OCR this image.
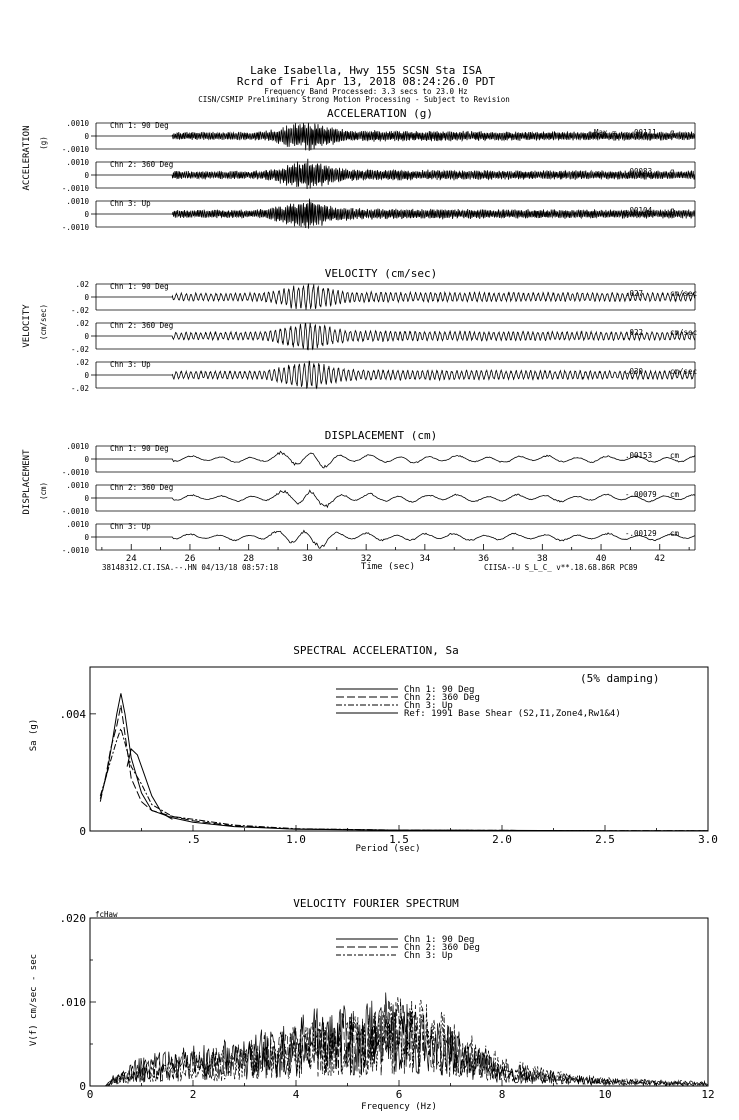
Lake Isabella, Hwy 155 SCSN Sta ISA
Rcrd of Fri Apr 13, 2018 08:24:26.0 PDT
Frequency Band Processed: 3.3 secs to 23.0 Hz
CISN/CSMIP Preliminary Strong Motion Processing - Subject to Revision
ACCELERATION (g)
VELOCITY (cm/sec)
DISPLACEMENT (cm)
ACCELERATION (g)
VELOCITY (cm/sec)
DISPLACEMENT (cm)
.0010
0
-.0010
Chn 1: 90 Deg
Max = -.00111 g
.0010
0
-.0010
Chn 2: 360 Deg
.00083 g
.0010
0
-.0010
Chn 3: Up
.00104 g
.02
0
-.02
Chn 1: 90 Deg
.027	cm/sec
.02
0
-.02
Chn 2: 360 Deg
.022	cm/sec
.02
0
-.02
Chn 3: Up
.030	cm/sec
.0010
0
-.0010
Chn 1: 90 Deg
.00153 cm
.0010
0
-.0010
Chn 2: 360 Deg
-.00079 cm
.0010
0
-.0010
Chn 3: Up
-.00129 cm
24	26	28	30	32	34	36	38	40	42
Time (sec)
38148312.CI.ISA.--.HN 04/13/18 08:57:18	CIISA--U S_L_C_ v**.18.68.86R PC89
SPECTRAL ACCELERATION, Sa
(5% damping)
Sa (g)
Period (sec)
.5	1.0	1.5	2.0	2.5	3.0
.004
0
Chn 1: 90 Deg
Chn 2: 360 Deg
Chn 3: Up
Ref: 1991 Base Shear (S2,I1,Zone4,Rw1&4)
VELOCITY FOURIER SPECTRUM
fcHaw
V(f) cm/sec - sec
Frequency (Hz)
0	2	4	6	8	10	12
.020
.010
0
Chn 1: 90 Deg
Chn 2: 360 Deg
Chn 3: Up
